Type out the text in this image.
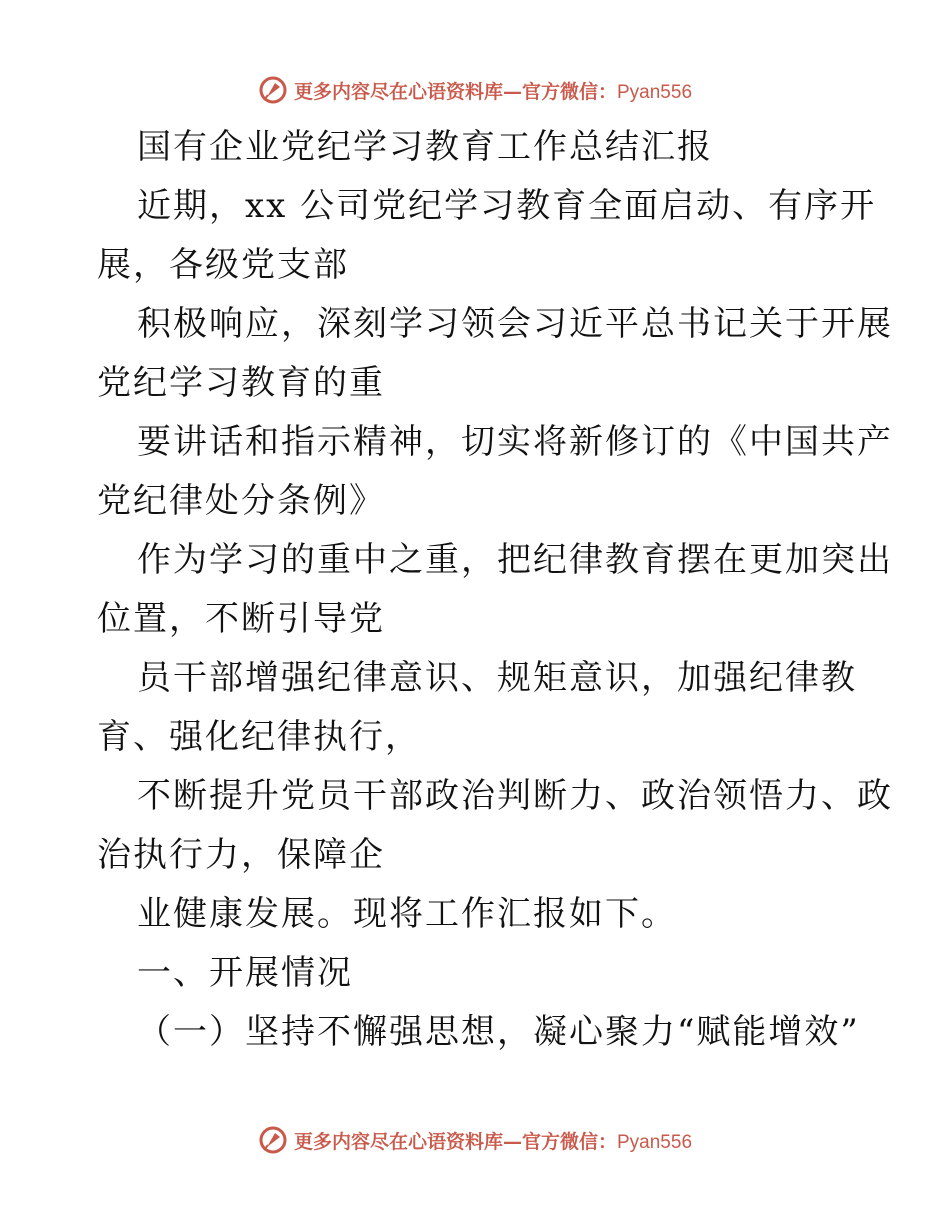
更多内容尽在心语资料库—官方微信：Pyan556
国有企业党纪学习教育工作总结汇报
近期，xx 公司党纪学习教育全面启动、有序开
展，各级党支部
积极响应，深刻学习领会习近平总书记关于开展
党纪学习教育的重
要讲话和指示精神，切实将新修订的《中国共产
党纪律处分条例》
作为学习的重中之重，把纪律教育摆在更加突出
位置，不断引导党
员干部增强纪律意识、规矩意识，加强纪律教
育、强化纪律执行，
不断提升党员干部政治判断力、政治领悟力、政
治执行力，保障企
业健康发展。现将工作汇报如下。
一、开展情况
（一）坚持不懈强思想，凝心聚力“赋能增效”
更多内容尽在心语资料库—官方微信：Pyan556
